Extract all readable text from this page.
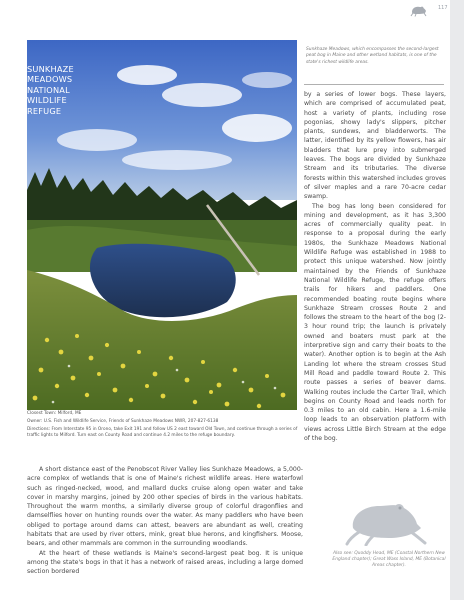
117
SUNKHAZE
MEADOWS
NATIONAL
WILDLIFE
REFUGE
Sunkhaze Meadows, which encompasses the second-largest peat bog in Maine and other wetland habitats, is one of the state's richest wildlife areas.

by a series of lower bogs. These layers, which are comprised of accumulated peat, host a variety of plants, including rose pogonias, showy lady's slippers, pitcher plants, sundews, and bladderworts. The latter, identified by its yellow flowers, has air bladders that lure prey into submerged leaves. The bogs are divided by Sunkhaze Stream and its tributaries. The diverse forests within this watershed includes groves of silver maples and a rare 70-acre cedar swamp.

The bog has long been considered for mining and development, as it has 3,300 acres of commercially quality peat. In response to a proposal during the early 1980s, the Sunkhaze Meadows National Wildlife Refuge was established in 1988 to protect this unique watershed. Now jointly maintained by the Friends of Sunkhaze National Wildlife Refuge, the refuge offers trails for hikers and paddlers. One recommended boating route begins where Sunkhaze Stream crosses Route 2 and follows the stream to the heart of the bog (2-3 hour round trip; the launch is privately owned and boaters must park at the interpretive sign and carry their boats to the water). Another option is to begin at the Ash Landing lot where the stream crosses Stud Mill Road and paddle toward Route 2. This route passes a series of beaver dams. Walking routes include the Carter Trail, which begins on County Road and leads north for 0.3 miles to an old cabin. Here a 1.6-mile loop leads to an observation platform with views across Little Birch Stream at the edge of the bog.

Closest Town: Milford, ME

Owner: U.S. Fish and Wildlife Service, Friends of Sunkhaze Meadows NWR, 207-827-6138

Directions: From Interstate 95 in Orono, take Exit 191 and follow US 2 east toward Old Town, and continue through a series of traffic lights to Milford. Turn east on County Road and continue 4.2 miles to the refuge boundary.

A short distance east of the Penobscot River Valley lies Sunkhaze Meadows, a 5,000-acre complex of wetlands that is one of Maine's richest wildlife areas. Here waterfowl such as ringed-necked, wood, and mallard ducks cruise along open water and take cover in marshy margins, joined by 200 other species of birds in the various habitats. Throughout the warm months, a similarly diverse group of colorful dragonflies and damselflies hover on hunting rounds over the water. As many paddlers who have been obliged to portage around dams can attest, beavers are abundant as well, creating habitats that are used by river otters, mink, great blue herons, and kingfishers. Moose, bears, and other mammals are common in the surrounding woodlands.

At the heart of these wetlands is Maine's second-largest peat bog. It is unique among the state's bogs in that it has a network of raised areas, including a large domed section bordered

Also see: Quoddy Head, ME (Coastal Northern New England chapter); Great Wass Island, ME (Botanical Areas chapter).
